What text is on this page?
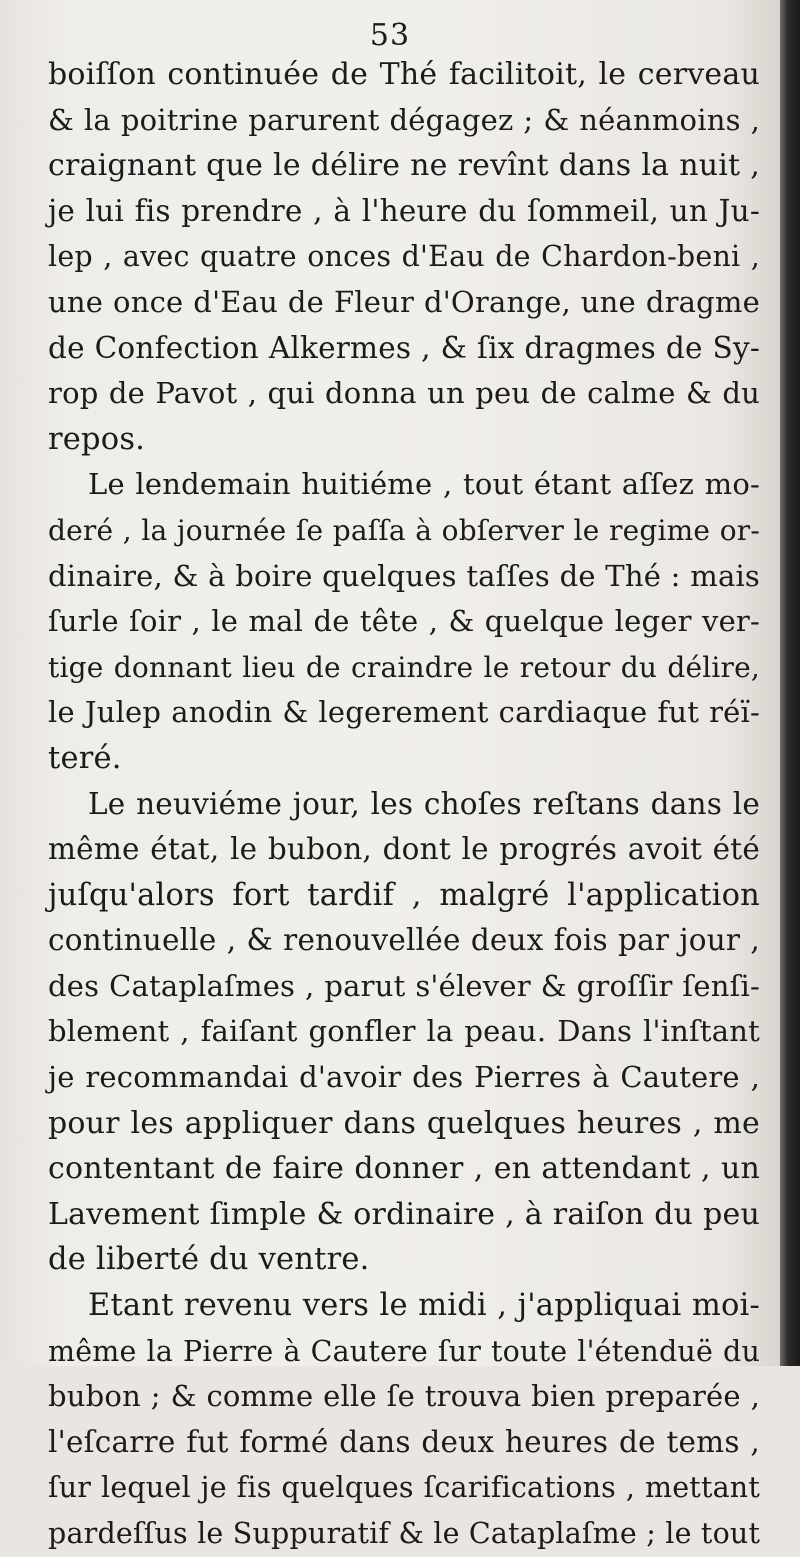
53
boiſſon continuée de Thé facilitoit, le cerveau
& la poitrine parurent dégagez ; & néanmoins ,
craignant que le délire ne revînt dans la nuit ,
je lui fis prendre , à l'heure du ſommeil, un Ju-
lep , avec quatre onces d'Eau de Chardon-beni ,
une once d'Eau de Fleur d'Orange, une dragme
de Confection Alkermes , & ſix dragmes de Sy-
rop de Pavot , qui donna un peu de calme & du
repos.
Le lendemain huitiéme , tout étant aſſez mo-
deré , la journée ſe paſſa à obſerver le regime or-
dinaire, & à boire quelques taſſes de Thé : mais
ſurle ſoir , le mal de tête , & quelque leger ver-
tige donnant lieu de craindre le retour du délire,
le Julep anodin & legerement cardiaque fut réï-
teré.
Le neuviéme jour, les choſes reſtans dans le
même état, le bubon, dont le progrés avoit été
juſqu'alors fort tardif , malgré l'application
continuelle , & renouvellée deux fois par jour ,
des Cataplaſmes , parut s'élever & groſſir ſenſi-
blement , faiſant gonfler la peau. Dans l'inſtant
je recommandai d'avoir des Pierres à Cautere ,
pour les appliquer dans quelques heures , me
contentant de faire donner , en attendant , un
Lavement ſimple & ordinaire , à raiſon du peu
de liberté du ventre.
Etant revenu vers le midi , j'appliquai moi-
même la Pierre à Cautere ſur toute l'étenduë du
bubon ; & comme elle ſe trouva bien preparée ,
l'eſcarre fut formé dans deux heures de tems ,
ſur lequel je fis quelques ſcarifications , mettant
pardeſſus le Suppuratif & le Cataplaſme ; le tout
